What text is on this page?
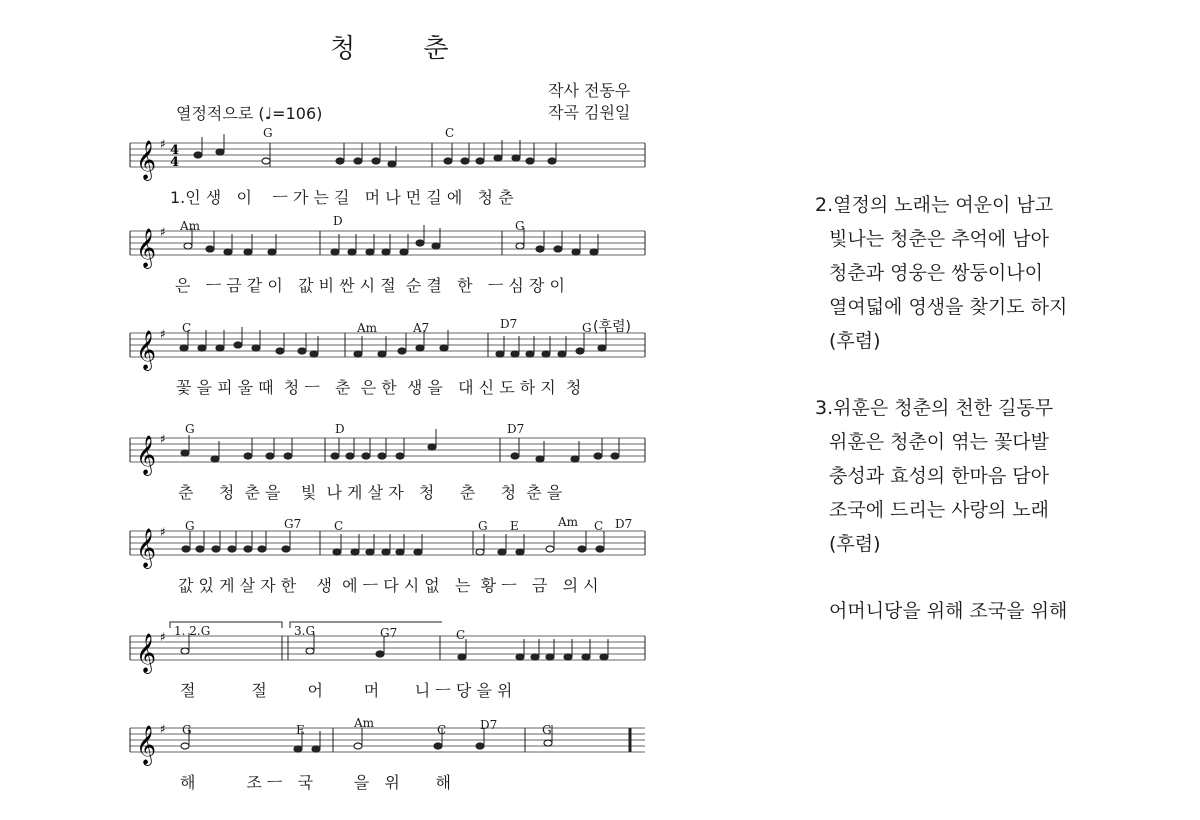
청 춘
작사 전동우
작곡 김원일
열정적으로 (♩=106)
𝄞 ♯ 4
4
G	C
1.인 생   이    ㅡ 가 는 길   머 나 먼 길 에   청 춘
𝄞 ♯ Am	D	G
은   ㅡ 금 같 이   값 비 싼 시 절  순 결   한   ㅡ 심 장 이
𝄞 ♯ C	Am	A7	D7	G (후렴)
꽃 을 피 울 때  청 ㅡ   춘  은 한  생 을   대 신 도 하 지  청
𝄞 ♯
G	D	D7
춘     청  춘 을    빛  나 게 살 자   청     춘     청  춘 을
𝄞 ♯ G	G7	C	G E	Am C D7
값 있 게 살 자 한    생  에 ㅡ 다 시 없   는  황 ㅡ   금   의 시
𝄞 ♯ 1. 2.G	3.G	G7	C
절           절        어        머       니 ㅡ 당 을 위
𝄞 ♯ G	E	Am	C	D7	G
해          조 ㅡ   국        을   위       해
2.열정의 노래는 여운이 남고
빛나는 청춘은 추억에 남아
청춘과 영웅은 쌍둥이나이
열여덟에 영생을 찾기도 하지
(후렴)
3.위훈은 청춘의 천한 길동무
위훈은 청춘이 엮는 꽃다발
충성과 효성의 한마음 담아
조국에 드리는 사랑의 노래
(후렴)
어머니당을 위해 조국을 위해
